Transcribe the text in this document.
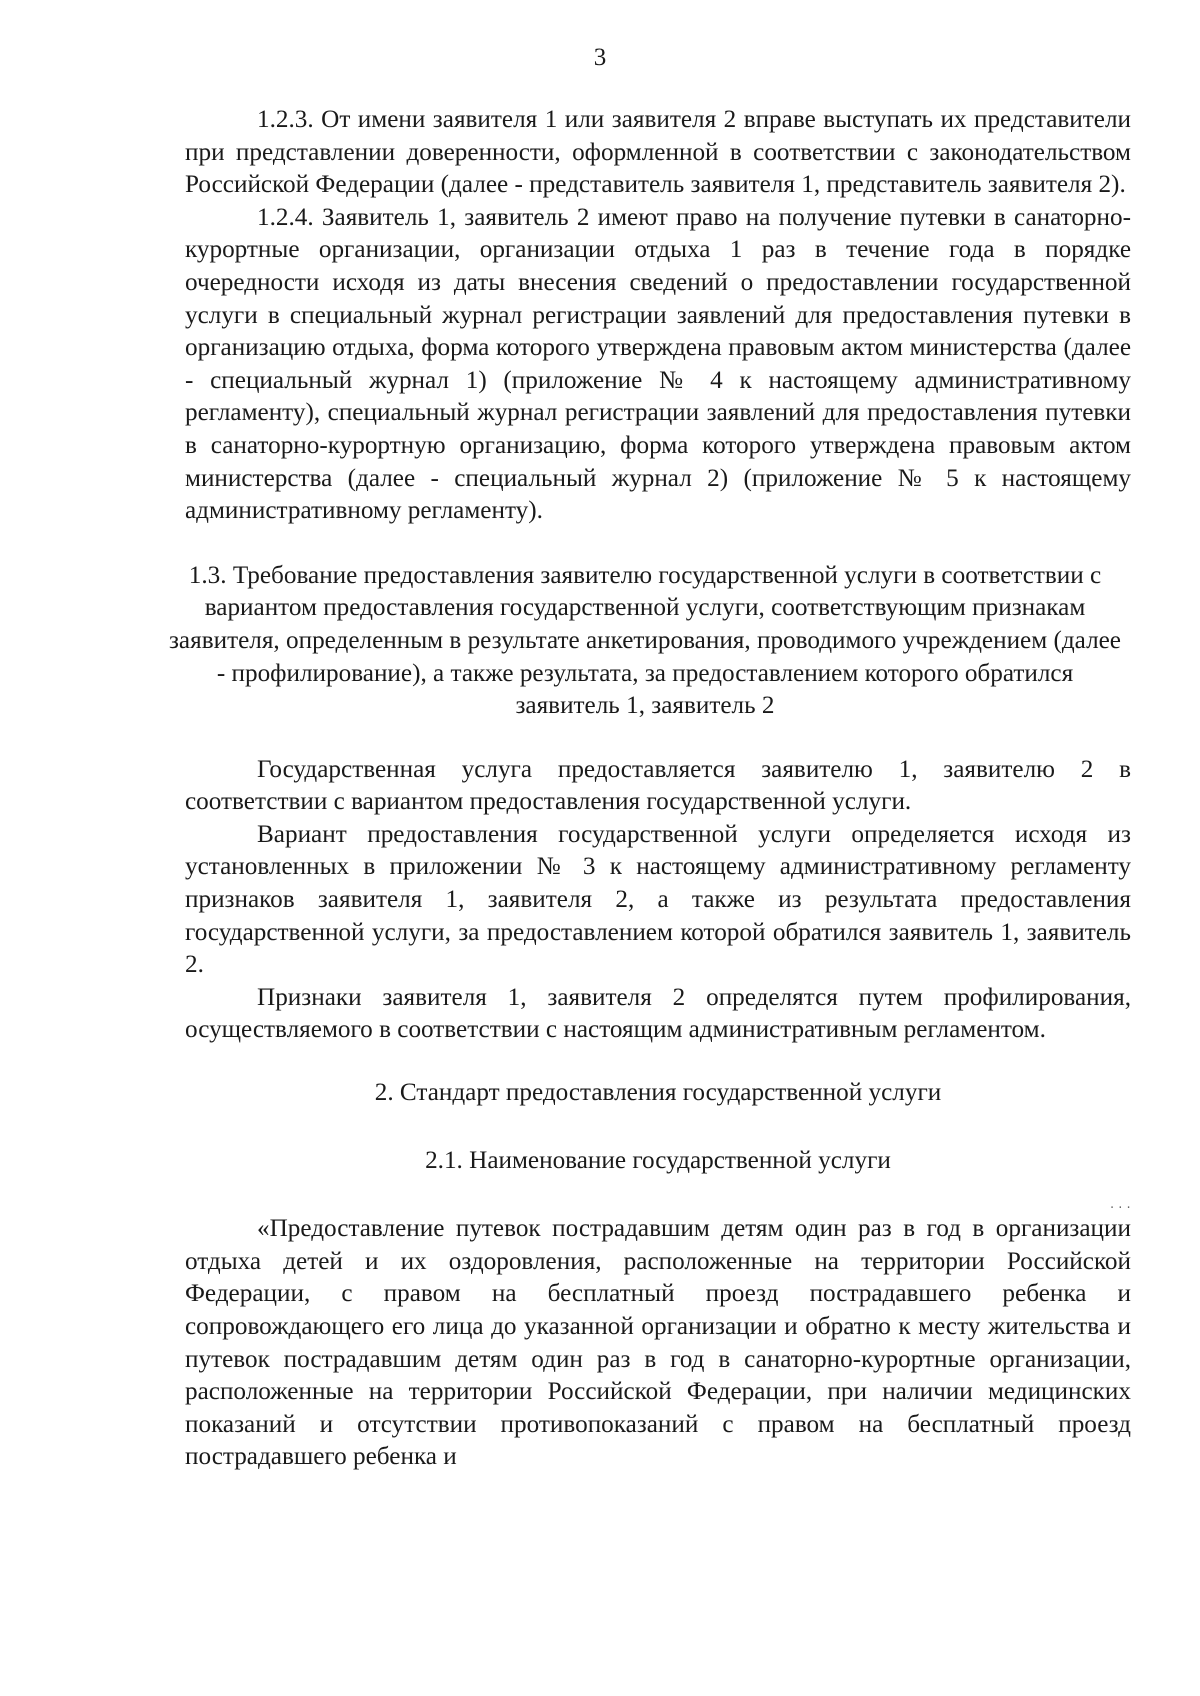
3

1.2.3. От имени заявителя 1 или заявителя 2 вправе выступать их представители при представлении доверенности, оформленной в соответствии с законодательством Российской Федерации (далее - представитель заявителя 1, представитель заявителя 2).

1.2.4. Заявитель 1, заявитель 2 имеют право на получение путевки в санаторно-курортные организации, организации отдыха 1 раз в течение года в порядке очередности исходя из даты внесения сведений о предоставлении государственной услуги в специальный журнал регистрации заявлений для предоставления путевки в организацию отдыха, форма которого утверждена правовым актом министерства (далее - специальный журнал 1) (приложение № 4 к настоящему административному регламенту), специальный журнал регистрации заявлений для предоставления путевки в санаторно-курортную организацию, форма которого утверждена правовым актом министерства (далее - специальный журнал 2) (приложение № 5 к настоящему административному регламенту).

1.3. Требование предоставления заявителю государственной услуги в соответствии с вариантом предоставления государственной услуги, соответствующим признакам заявителя, определенным в результате анкетирования, проводимого учреждением (далее - профилирование), а также результата, за предоставлением которого обратился заявитель 1, заявитель 2

Государственная услуга предоставляется заявителю 1, заявителю 2 в соответствии с вариантом предоставления государственной услуги.

Вариант предоставления государственной услуги определяется исходя из установленных в приложении № 3 к настоящему административному регламенту признаков заявителя 1, заявителя 2, а также из результата предоставления государственной услуги, за предоставлением которой обратился заявитель 1, заявитель 2.

Признаки заявителя 1, заявителя 2 определятся путем профилирования, осуществляемого в соответствии с настоящим административным регламентом.

2. Стандарт предоставления государственной услуги

2.1. Наименование государственной услуги

«Предоставление путевок пострадавшим детям один раз в год в организации отдыха детей и их оздоровления, расположенные на территории Российской Федерации, с правом на бесплатный проезд пострадавшего ребенка и сопровождающего его лица до указанной организации и обратно к месту жительства и путевок пострадавшим детям один раз в год в санаторно-курортные организации, расположенные на территории Российской Федерации, при наличии медицинских показаний и отсутствии противопоказаний с правом на бесплатный проезд пострадавшего ребенка и

· · ·
